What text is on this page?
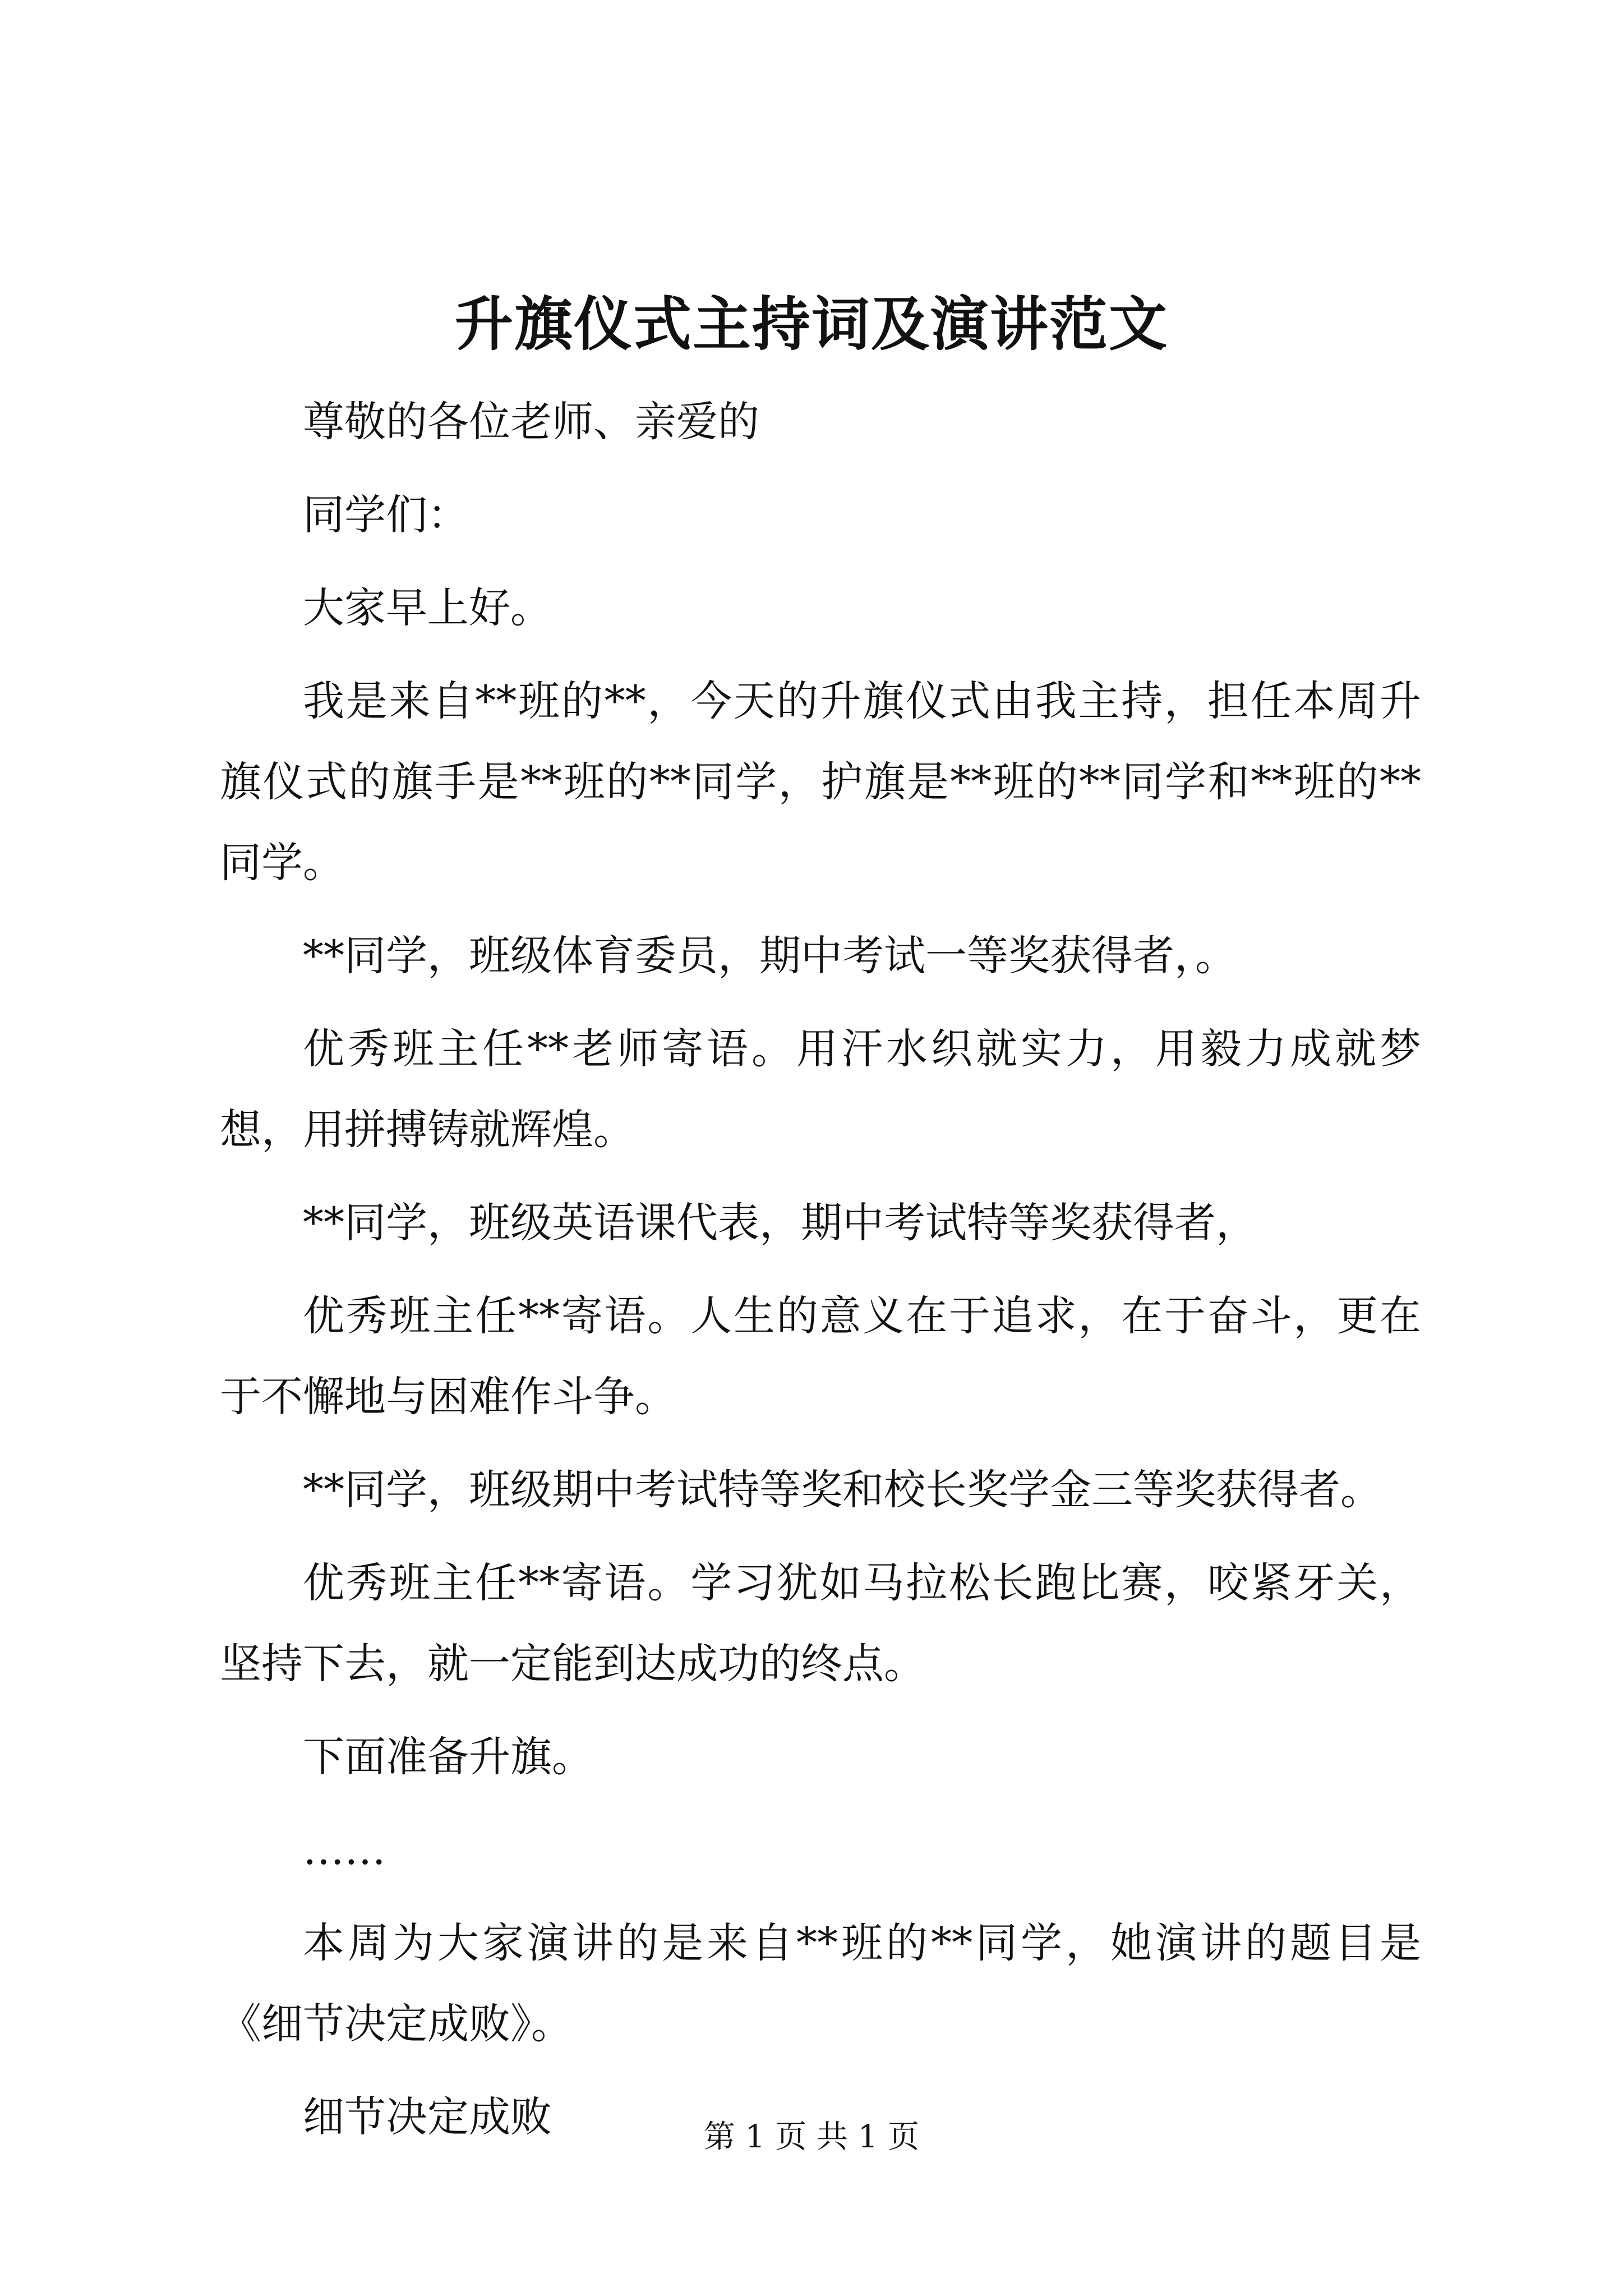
升旗仪式主持词及演讲范文

尊敬的各位老师、亲爱的

同学们：

大家早上好。

我是来自**班的**，今天的升旗仪式由我主持，担任本周升旗仪式的旗手是**班的**同学，护旗是**班的**同学和**班的**同学。

**同学，班级体育委员，期中考试一等奖获得者，。

优秀班主任**老师寄语。用汗水织就实力，用毅力成就梦想，用拼搏铸就辉煌。

**同学，班级英语课代表，期中考试特等奖获得者，

优秀班主任**寄语。人生的意义在于追求，在于奋斗，更在于不懈地与困难作斗争。

**同学，班级期中考试特等奖和校长奖学金三等奖获得者。

优秀班主任**寄语。学习犹如马拉松长跑比赛，咬紧牙关，坚持下去，就一定能到达成功的终点。

下面准备升旗。

……

本周为大家演讲的是来自**班的**同学，她演讲的题目是《细节决定成败》。

细节决定成败	第 1 页 共 1 页
